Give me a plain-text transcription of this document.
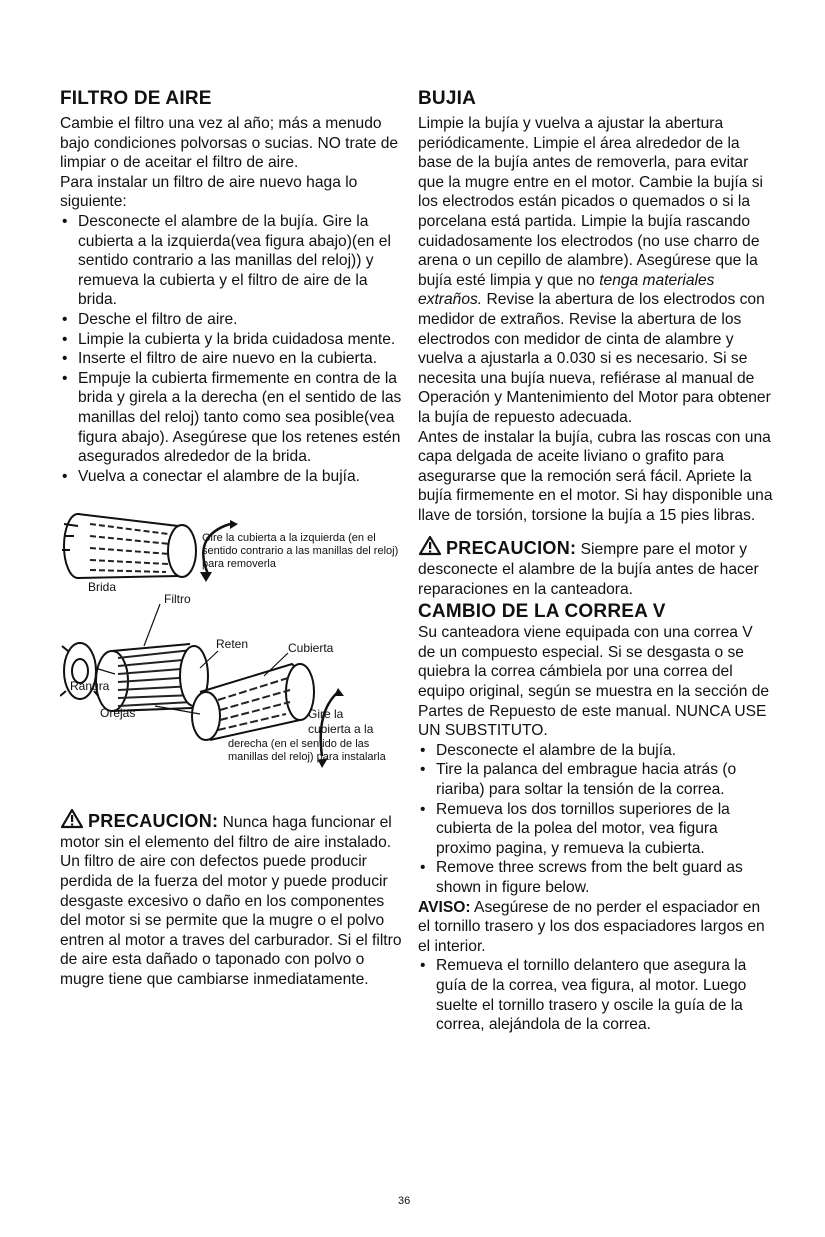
FILTRO DE AIRE

Cambie el filtro una vez al año; más a menudo bajo condiciones polvorsas o sucias. NO trate de limpiar o de aceitar el filtro de aire.

Para instalar un filtro de aire nuevo haga lo siguiente:

• Desconecte el alambre de la bujía. Gire la cubierta a la izquierda(vea figura abajo)(en el sentido contrario a las manillas del reloj)) y remueva la cubierta y el filtro de aire de la brida.
• Desche el filtro de aire.
• Limpie la cubierta y la brida cuidadosa mente.
• Inserte el filtro de aire nuevo en la cubierta.
• Empuje la cubierta firmemente en contra de la brida y girela a la derecha (en el sentido de las manillas del reloj) tanto como sea posible(vea figura abajo). Asegúrese que los retenes estén asegurados alrededor de la brida.
• Vuelva a conectar el alambre de la bujía.
Gire la cubierta a la izquierda (en el sentido contrario a las manillas del reloj) para removerla
Brida
Filtro
Reten	Cubierta
Ranura
Orejas	Gire la
cubierta a la
derecha (en el sentido de las manillas del reloj) para instalarla

PRECAUCION: Nunca haga funcionar el motor sin el elemento del filtro de aire instalado. Un filtro de aire con defectos puede producir perdida de la fuerza del motor y puede producir desgaste excesivo o daño en los componentes del motor si se permite que la mugre o el polvo entren al motor a traves del carburador. Si el filtro de aire esta dañado o taponado con polvo o mugre tiene que cambiarse inmediatamente.

BUJIA

Limpie la bujía y vuelva a ajustar la abertura periódicamente. Limpie el área alrededor de la base de la bujía antes de removerla, para evitar que la mugre entre en el motor. Cambie la bujía si los electrodos están picados o quemados o si la porcelana está partida. Limpie la bujía rascando cuidadosamente los electrodos (no use charro de arena o un cepillo de alambre). Asegúrese que la bujía esté limpia y que no tenga materiales extraños. Revise la abertura de los electrodos con medidor de extraños. Revise la abertura de los electrodos con medidor de cinta de alambre y vuelva a ajustarla a 0.030 si es necesario. Si se necesita una bujía nueva, refiérase al manual de Operación y Mantenimiento del Motor para obtener la bujía de repuesto adecuada.

Antes de instalar la bujía, cubra las roscas con una capa delgada de aceite liviano o grafito para asegurarse que la remoción será fácil. Apriete la bujía firmemente en el motor. Si hay disponible una llave de torsión, torsione la bujía a 15 pies libras.

PRECAUCION: Siempre pare el motor y desconecte el alambre de la bujía antes de hacer reparaciones en la canteadora.

CAMBIO DE LA CORREA V

Su canteadora viene equipada con una correa V de un compuesto especial. Si se desgasta o se quiebra la correa cámbiela por una correa del equipo original, según se muestra en la sección de Partes de Repuesto de este manual. NUNCA USE UN SUBSTITUTO.

• Desconecte el alambre de la bujía.
• Tire la palanca del embrague hacia atrás (o riariba) para soltar la tensión de la correa.
• Remueva los dos tornillos superiores de la cubierta de la polea del motor, vea figura proximo pagina, y remueva la cubierta.
• Remove three screws from the belt guard as shown in figure below.

AVISO: Asegúrese de no perder el espaciador en el tornillo trasero y los dos espaciadores largos en el interior.

• Remueva el tornillo delantero que asegura la guía de la correa, vea figura, al motor. Luego suelte el tornillo trasero y oscile la guía de la correa, alejándola de la correa.
36
